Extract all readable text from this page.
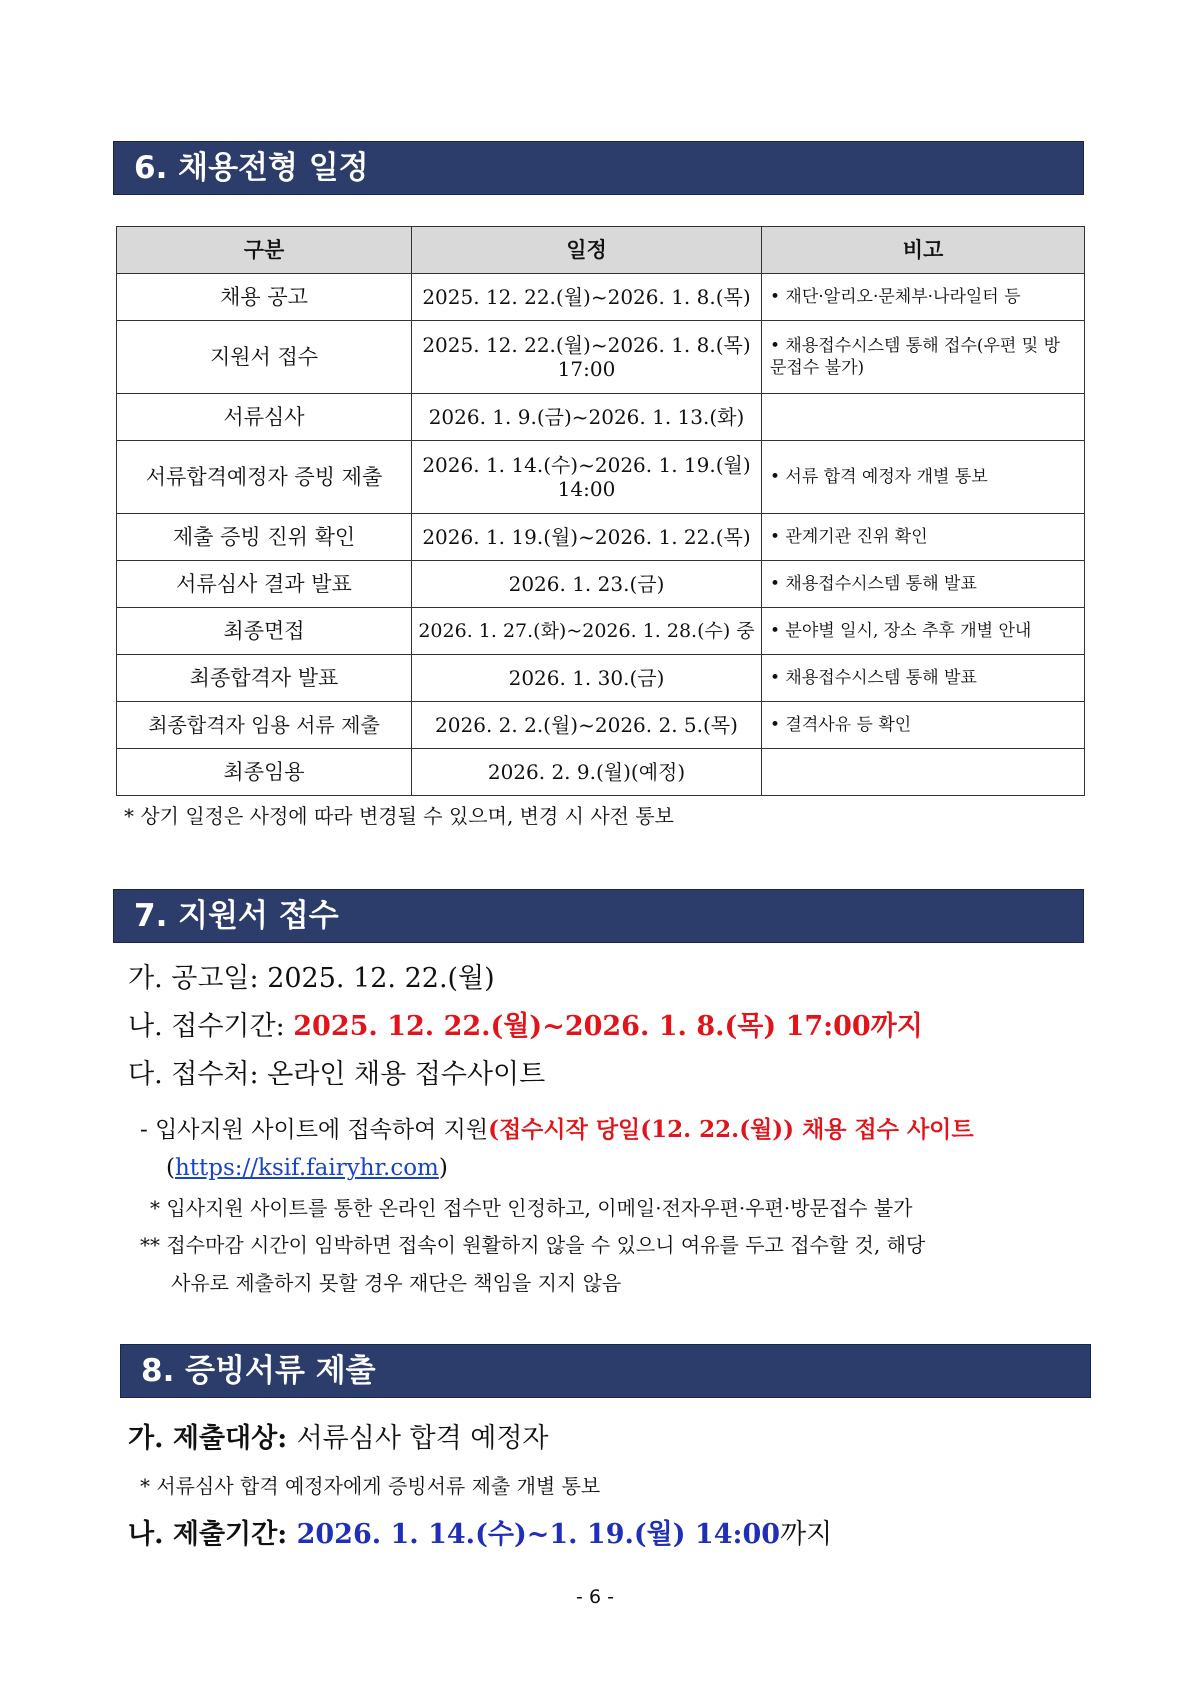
6. 채용전형 일정
구분	일정	비고
채용 공고	2025. 12. 22.(월)~2026. 1. 8.(목)	• 재단·알리오·문체부·나라일터 등
지원서 접수	2025. 12. 22.(월)~2026. 1. 8.(목) 17:00	• 채용접수시스템 통해 접수(우편 및 방문접수 불가)
서류심사	2026. 1. 9.(금)~2026. 1. 13.(화)	
서류합격예정자 증빙 제출	2026. 1. 14.(수)~2026. 1. 19.(월) 14:00	• 서류 합격 예정자 개별 통보
제출 증빙 진위 확인	2026. 1. 19.(월)~2026. 1. 22.(목)	• 관계기관 진위 확인
서류심사 결과 발표	2026. 1. 23.(금)	• 채용접수시스템 통해 발표
최종면접	2026. 1. 27.(화)~2026. 1. 28.(수) 중	• 분야별 일시, 장소 추후 개별 안내
최종합격자 발표	2026. 1. 30.(금)	• 채용접수시스템 통해 발표
최종합격자 임용 서류 제출	2026. 2. 2.(월)~2026. 2. 5.(목)	• 결격사유 등 확인
최종임용	2026. 2. 9.(월)(예정)	
* 상기 일정은 사정에 따라 변경될 수 있으며, 변경 시 사전 통보
7. 지원서 접수
가. 공고일: 2025. 12. 22.(월)
나. 접수기간: 2025. 12. 22.(월)~2026. 1. 8.(목) 17:00까지
다. 접수처: 온라인 채용 접수사이트
- 입사지원 사이트에 접속하여 지원(접수시작 당일(12. 22.(월)) 채용 접수 사이트
(https://ksif.fairyhr.com)
* 입사지원 사이트를 통한 온라인 접수만 인정하고, 이메일·전자우편·우편·방문접수 불가
** 접수마감 시간이 임박하면 접속이 원활하지 않을 수 있으니 여유를 두고 접수할 것, 해당
사유로 제출하지 못할 경우 재단은 책임을 지지 않음
8. 증빙서류 제출
가. 제출대상: 서류심사 합격 예정자
* 서류심사 합격 예정자에게 증빙서류 제출 개별 통보
나. 제출기간: 2026. 1. 14.(수)~1. 19.(월) 14:00까지
- 6 -
